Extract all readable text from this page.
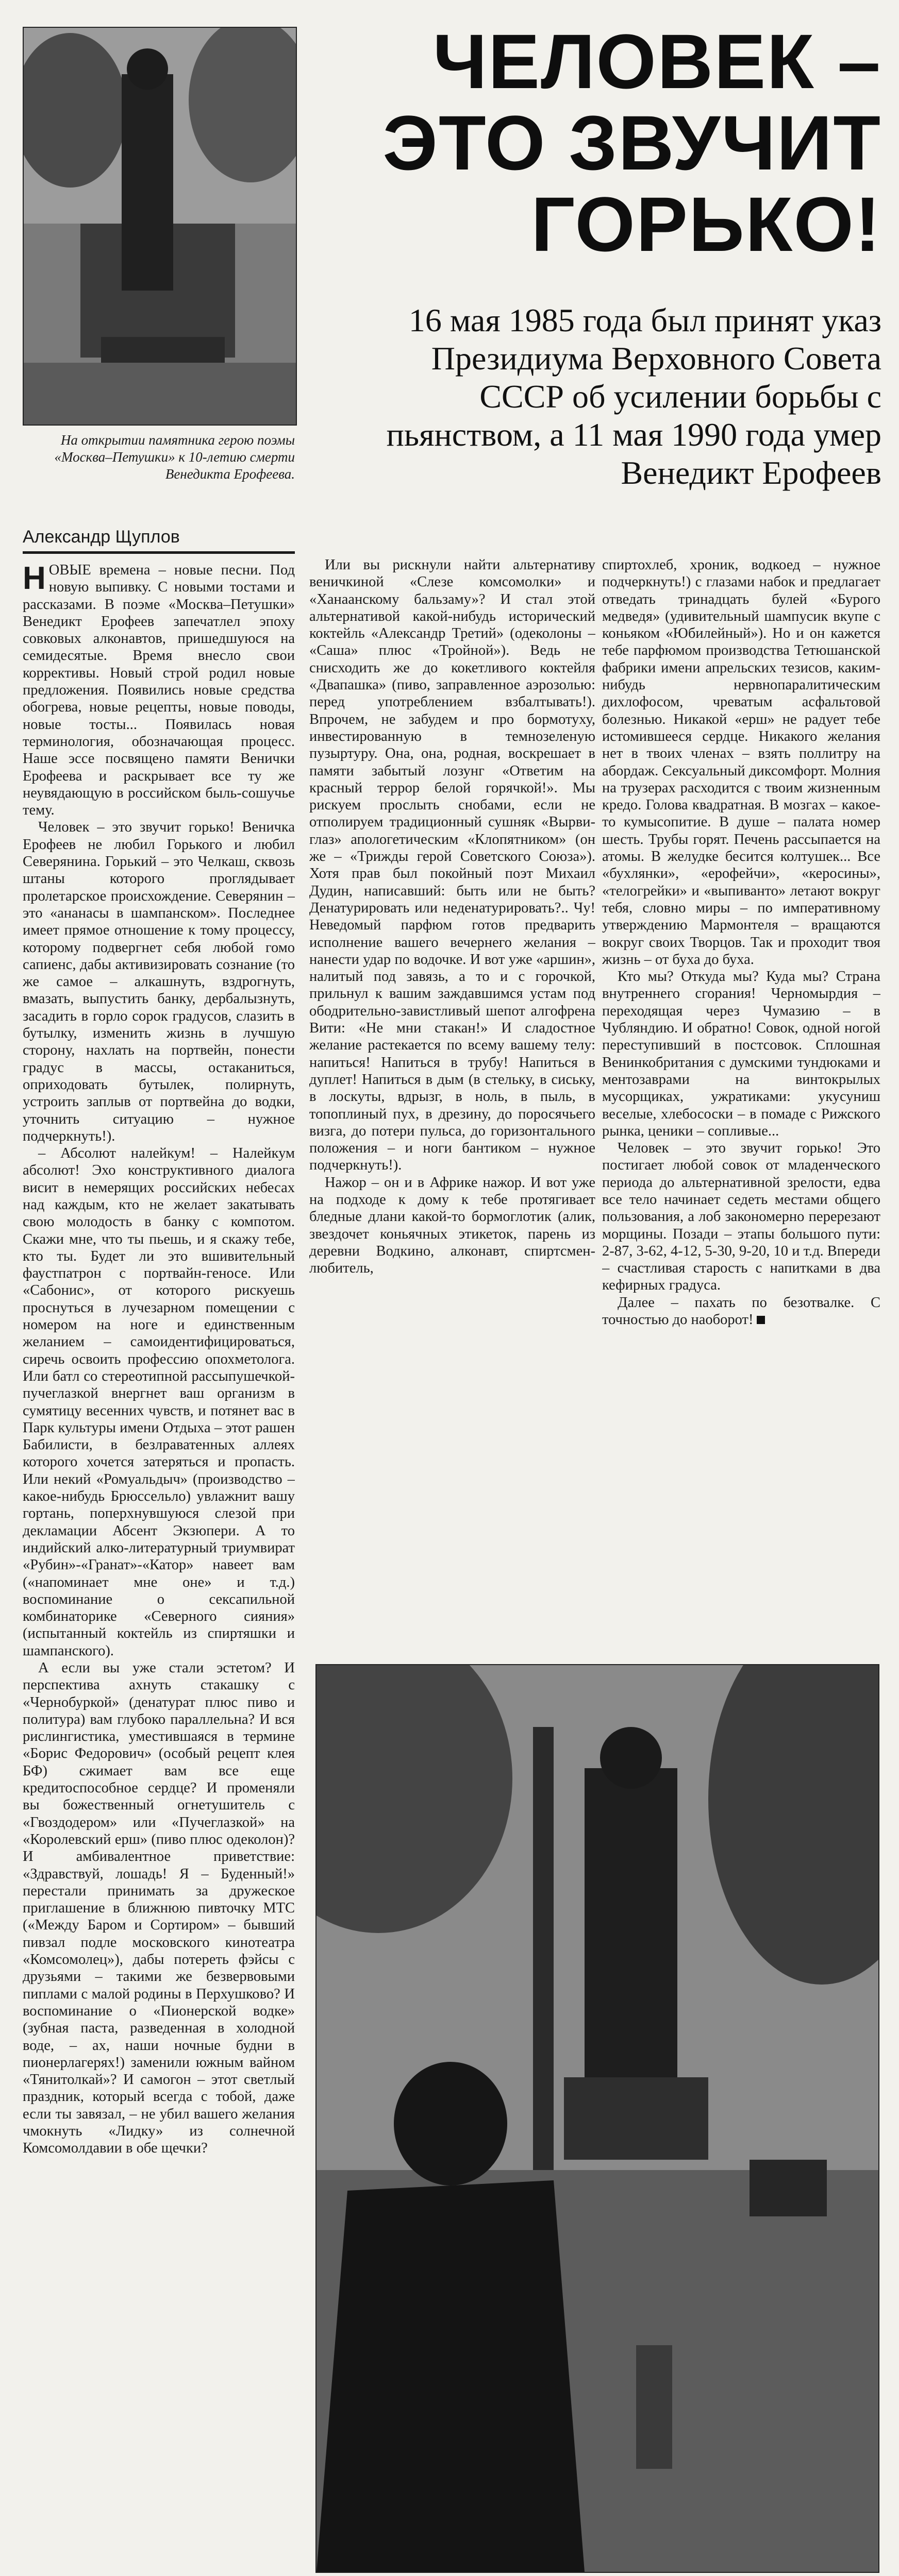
ЧЕЛОВЕК –
ЭТО ЗВУЧИТ
ГОРЬКО!
16 мая 1985 года был принят указ Президиума Верховного Совета СССР об усилении борьбы с пьянством, а 11 мая 1990 года умер Венедикт Ерофеев
На открытии памятника герою поэмы «Москва–Петушки» к 10-летию смерти Венедикта Ерофеева.
Александр Щуплов

НОВЫЕ времена – новые песни. Под новую выпивку. С новыми тостами и рассказами. В поэме «Москва–Петушки» Венедикт Ерофеев запечатлел эпоху совковых алконавтов, пришедшуюся на семидесятые. Время внесло свои коррективы. Новый строй родил новые предложения. Появились новые средства обогрева, новые рецепты, новые поводы, новые тосты... Появилась новая терминология, обозначающая процесс. Наше эссе посвящено памяти Венички Ерофеева и раскрывает все ту же неувядающую в российском быль-сошучье тему.

Человек – это звучит горько! Веничка Ерофеев не любил Горького и любил Северянина. Горький – это Челкаш, сквозь штаны которого проглядывает пролетарское происхождение. Северянин – это «ананасы в шампанском». Последнее имеет прямое отношение к тому процессу, которому подвергнет себя любой гомо сапиенс, дабы активизировать сознание (то же самое – алкашнуть, вздрогнуть, вмазать, выпустить банку, дербалызнуть, засадить в горло сорок градусов, слазить в бутылку, изменить жизнь в лучшую сторону, нахлать на портвейн, понести градус в массы, остаканиться, оприходовать бутылек, полирнуть, устроить заплыв от портвейна до водки, уточнить ситуацию – нужное подчеркнуть!).

– Абсолют налейкум! – Налейкум абсолют! Эхо конструктивного диалога висит в немерящих российских небесах над каждым, кто не желает закатывать свою молодость в банку с компотом. Скажи мне, что ты пьешь, и я скажу тебе, кто ты. Будет ли это вшивительный фаустпатрон с портвайн-геносе. Или «Сабонис», от которого рискуешь проснуться в лучезарном помещении с номером на ноге и единственным желанием – самоидентифицироваться, сиречь освоить профессию опохметолога. Или батл со стереотипной рассыпушечкой-пучеглазкой внергнет ваш организм в сумятицу весенних чувств, и потянет вас в Парк культуры имени Отдыха – этот рашен Бабилисти, в безлраватенных аллеях которого хочется затеряться и пропасть. Или некий «Ромуальдыч» (производство – какое-нибудь Брюссельло) увлажнит вашу гортань, поперхнувшуюся слезой при декламации Абсент Экзюпери. А то индийский алко-литературный триумвират «Рубин»-«Гранат»-«Катор» навеет вам («напоминает мне оне» и т.д.) воспоминание о сексапильной комбинаторике «Северного сияния» (испытанный коктейль из спиртяшки и шампанского).

А если вы уже стали эстетом? И перспектива ахнуть стакашку с «Чернобуркой» (денатурат плюс пиво и политура) вам глубоко параллельна? И вся рислингистика, уместившаяся в термине «Борис Федорович» (особый рецепт клея БФ) сжимает вам все еще кредитоспособное сердце? И променяли вы божественный огнетушитель с «Гвоздодером» или «Пучеглазкой» на «Королевский ерш» (пиво плюс одеколон)? И амбивалентное приветствие: «Здравствуй, лошадь! Я – Буденный!» перестали принимать за дружеское приглашение в ближнюю пивточку МТС («Между Баром и Сортиром» – бывший пивзал подле московского кинотеатра «Комсомолец»), дабы потереть фэйсы с друзьями – такими же безвервовыми пиплами с малой родины в Перхушково? И воспоминание о «Пионерской водке» (зубная паста, разведенная в холодной воде, – ах, наши ночные будни в пионерлагерях!) заменили южным вайном «Тянитолкай»? И самогон – этот светлый праздник, который всегда с тобой, даже если ты завязал, – не убил вашего желания чмокнуть «Лидку» из солнечной Комсомолдавии в обе щечки?

Или вы рискнули найти альтернативу веничкиной «Слезе комсомолки» и «Ханаанскому бальзаму»? И стал этой альтернативой какой-нибудь исторический коктейль «Александр Третий» (одеколоны – «Саша» плюс «Тройной»). Ведь не снисходить же до кокетливого коктейля «Двапашка» (пиво, заправленное аэрозолью: перед употреблением взбалтывать!). Впрочем, не забудем и про бормотуху, инвестированную в темнозеленую пузыртуру. Она, она, родная, воскрешает в памяти забытый лозунг «Ответим на красный террор белой горячкой!». Мы рискуем прослыть снобами, если не отполируем традиционный сушняк «Вырви-глаз» апологетическим «Клопятником» (он же – «Трижды герой Советского Союза»). Хотя прав был покойный поэт Михаил Дудин, написавший: быть или не быть? Денатурировать или неденатурировать?.. Чу! Неведомый парфюм готов предварить исполнение вашего вечернего желания – нанести удар по водочке. И вот уже «аршин», налитый под завязь, а то и с горочкой, прильнул к вашим заждавшимся устам под ободрительно-завистливый шепот алгофрена Вити: «Не мни стакан!» И сладостное желание растекается по всему вашему телу: напиться! Напиться в трубу! Напиться в дуплет! Напиться в дым (в стельку, в сиську, в лоскуты, вдрызг, в ноль, в пыль, в топоплиный пух, в дрезину, до поросячьего визга, до потери пульса, до горизонтального положения – и ноги бантиком – нужное подчеркнуть!).

Нажор – он и в Африке нажор. И вот уже на подходе к дому к тебе протягивает бледные длани какой-то бормоглотик (алик, звездочет коньячных этикеток, парень из деревни Водкино, алконавт, спиртсмен-любитель,

спиртохлеб, хроник, водкоед – нужное подчеркнуть!) с глазами набок и предлагает отведать тринадцать булей «Бурого медведя» (удивительный шампусик вкупе с коньяком «Юбилейный»). Но и он кажется тебе парфюмом производства Тетюшанской фабрики имени апрельских тезисов, каким-нибудь нервнопаралитическим дихлофосом, чреватым асфальтовой болезнью. Никакой «ерш» не радует тебе истомившееся сердце. Никакого желания нет в твоих членах – взять поллитру на абордаж. Сексуальный диксомфорт. Молния на трузерах расходится с твоим жизненным кредо. Голова квадратная. В мозгах – какое-то кумысопитие. В душе – палата номер шесть. Трубы горят. Печень рассыпается на атомы. В желудке бесится колтушек... Все «бухлянки», «ерофейчи», «керосины», «телогрейки» и «выпиванто» летают вокруг тебя, словно миры – по императивному утверждению Мармонтеля – вращаются вокруг своих Творцов. Так и проходит твоя жизнь – от буха до буха.

Кто мы? Откуда мы? Куда мы? Страна внутреннего сгорания! Черномырдия – переходящая через Чумазию – в Чубляндию. И обратно! Совок, одной ногой переступивший в постсовок. Сплошная Венинкобритания с думскими тундюками и ментозаврами на винтокрылых мусорщиках, ужратиками: укусуниш веселые, хлебососки – в помаде с Рижского рынка, ценики – сопливые...

Человек – это звучит горько! Это постигает любой совок от младенческого периода до альтернативной зрелости, едва все тело начинает седеть местами общего пользования, а лоб закономерно перерезают морщины. Позади – этапы большого пути: 2-87, 3-62, 4-12, 5-30, 9-20, 10 и т.д. Впереди – счастливая старость с напитками в два кефирных градуса.

Далее – пахать по безотвалке. С точностью до наоборот!
